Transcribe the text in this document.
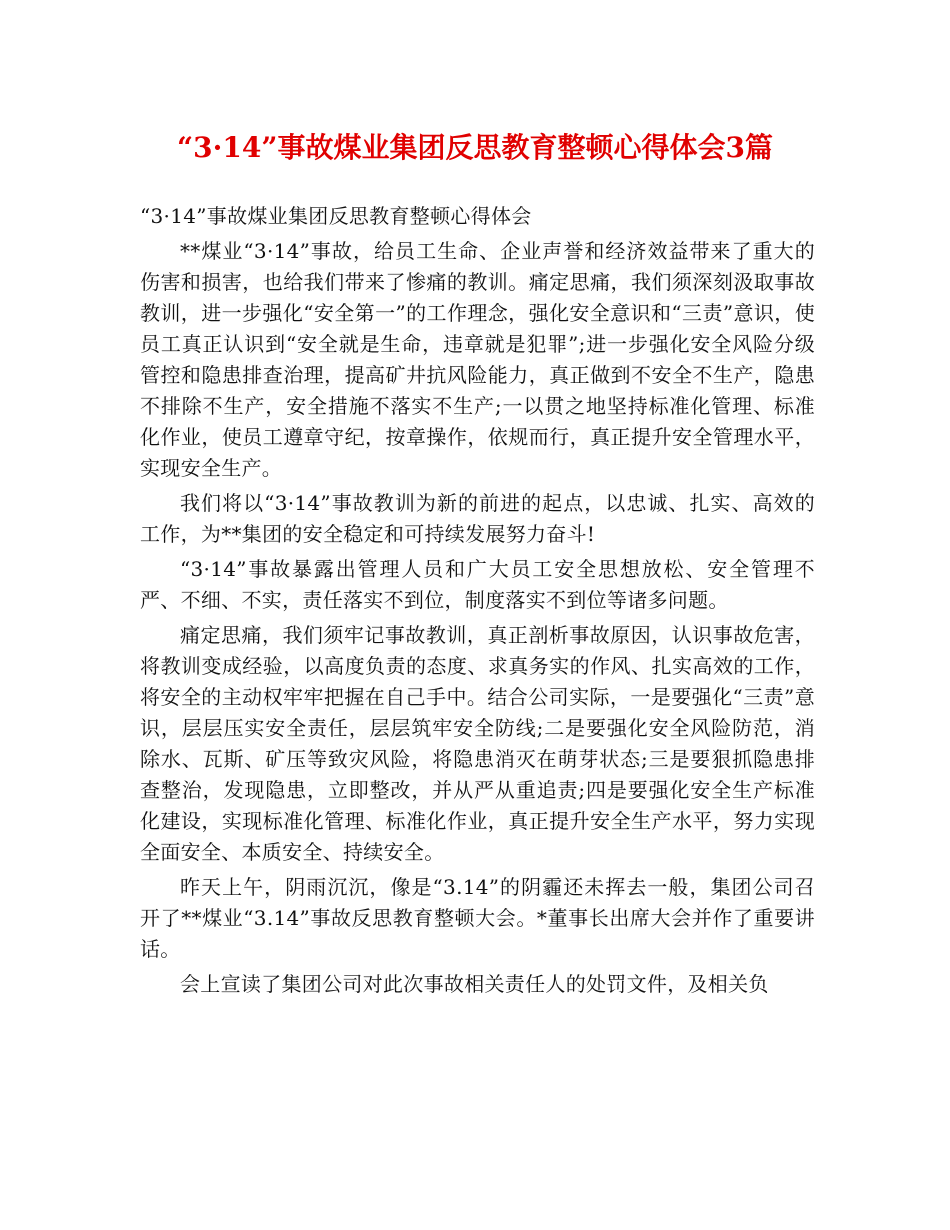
“3·14”事故煤业集团反思教育整顿心得体会3篇

“3·14”事故煤业集团反思教育整顿心得体会

**煤业“3·14”事故，给员工生命、企业声誉和经济效益带来了重大的伤害和损害，也给我们带来了惨痛的教训。痛定思痛，我们须深刻汲取事故教训，进一步强化“安全第一”的工作理念，强化安全意识和“三责”意识，使员工真正认识到“安全就是生命，违章就是犯罪”;进一步强化安全风险分级管控和隐患排查治理，提高矿井抗风险能力，真正做到不安全不生产，隐患不排除不生产，安全措施不落实不生产;一以贯之地坚持标准化管理、标准化作业，使员工遵章守纪，按章操作，依规而行，真正提升安全管理水平，实现安全生产。

我们将以“3·14”事故教训为新的前进的起点，以忠诚、扎实、高效的工作，为**集团的安全稳定和可持续发展努力奋斗!

“3·14”事故暴露出管理人员和广大员工安全思想放松、安全管理不严、不细、不实，责任落实不到位，制度落实不到位等诸多问题。

痛定思痛，我们须牢记事故教训，真正剖析事故原因，认识事故危害，将教训变成经验，以高度负责的态度、求真务实的作风、扎实高效的工作，将安全的主动权牢牢把握在自己手中。结合公司实际，一是要强化“三责”意识，层层压实安全责任，层层筑牢安全防线;二是要强化安全风险防范，消除水、瓦斯、矿压等致灾风险，将隐患消灭在萌芽状态;三是要狠抓隐患排查整治，发现隐患，立即整改，并从严从重追责;四是要强化安全生产标准化建设，实现标准化管理、标准化作业，真正提升安全生产水平，努力实现全面安全、本质安全、持续安全。

昨天上午，阴雨沉沉，像是“3.14”的阴霾还未挥去一般，集团公司召开了**煤业“3.14”事故反思教育整顿大会。*董事长出席大会并作了重要讲话。

会上宣读了集团公司对此次事故相关责任人的处罚文件，及相关负
